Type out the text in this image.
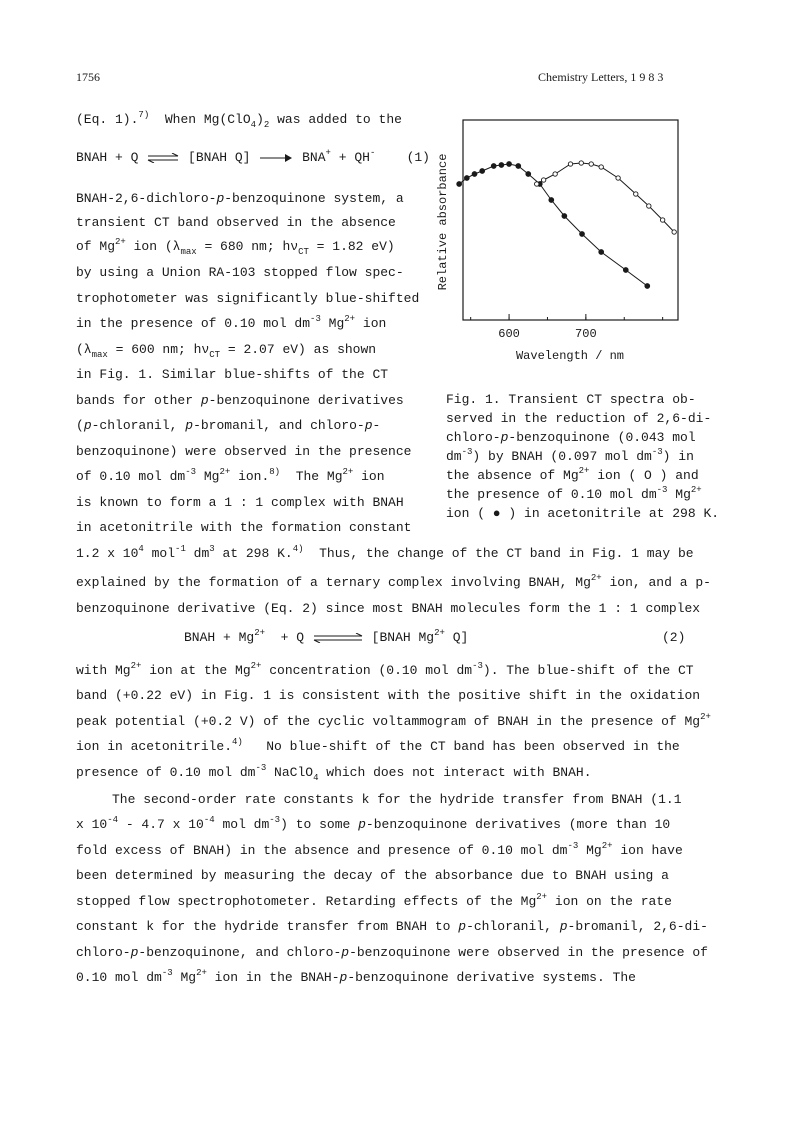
1756	Chemistry Letters, 1 9 8 3
(Eq. 1).$^{7)}$ When $Mg(ClO_4)_2$ was added to the
BNAH + Q ⇌ [BNAH Q] → BNA+ + QH- (1)
BNAH-2,6-dichloro-p-benzoquinone system, a
transient CT band observed in the absence
of $Mg^{2+}$ ion ($\lambda_{max} = 680$ nm; $h\nu_{CT} = 1.82$ eV)
by using a Union RA-103 stopped flow spec-
trophotometer was significantly blue-shifted
in the presence of 0.10 mol $dm^{-3}$ $Mg^{2+}$ ion
($\lambda_{max} = 600$ nm; $h\nu_{CT} = 2.07$ eV) as shown
in Fig. 1. Similar blue-shifts of the CT
bands for other p-benzoquinone derivatives
(p-chloranil, p-bromanil, and chloro-p-
benzoquinone) were observed in the presence
of 0.10 mol $dm^{-3}$ $Mg^{2+}$ ion.$^{8)}$ The $Mg^{2+}$ ion
is known to form a 1 : 1 complex with BNAH
in acetonitrile with the formation constant
Relative absorbance
Wavelength / nm
600	700
Fig. 1. Transient CT spectra ob-
served in the reduction of 2,6-di-
chloro-p-benzoquinone (0.043 mol
$dm^{-3}$) by BNAH (0.097 mol $dm^{-3}$) in
the absence of $Mg^{2+}$ ion ( O ) and
the presence of 0.10 mol $dm^{-3}$ $Mg^{2+}$
ion ( ● ) in acetonitrile at 298 K.
1.2 x $10^4$ mol$^{-1}$ $dm^3$ at 298 K.$^{4)}$ Thus, the change of the CT band in Fig. 1 may be
explained by the formation of a ternary complex involving BNAH, $Mg^{2+}$ ion, and a p-
benzoquinone derivative (Eq. 2) since most BNAH molecules form the 1 : 1 complex
BNAH + $Mg^{2+} + Q$ ⇌ [BNAH $Mg^{2+}$ Q]	(2)
with $Mg^{2+}$ ion at the $Mg^{2+}$ concentration (0.10 mol $dm^{-3}$). The blue-shift of the CT
band (+0.22 eV) in Fig. 1 is consistent with the positive shift in the oxidation
peak potential (+0.2 V) of the cyclic voltammogram of BNAH in the presence of $Mg^{2+}$
ion in acetonitrile.$^{4)}$ No blue-shift of the CT band has been observed in the
presence of 0.10 mol $dm^{-3}$ NaClO$_4$ which does not interact with BNAH.
The second-order rate constants k for the hydride transfer from BNAH (1.1
x $10^{-4} - 4.7$ x $10^{-4}$ mol $dm^{-3}$) to some p-benzoquinone derivatives (more than 10
fold excess of BNAH) in the absence and presence of 0.10 mol $dm^{-3}$ $Mg^{2+}$ ion have
been determined by measuring the decay of the absorbance due to BNAH using a
stopped flow spectrophotometer. Retarding effects of the $Mg^{2+}$ ion on the rate
constant k for the hydride transfer from BNAH to p-chloranil, p-bromanil, 2,6-di-
chloro-p-benzoquinone, and chloro-p-benzoquinone were observed in the presence of
0.10 mol $dm^{-3}$ $Mg^{2+}$ ion in the BNAH-p-benzoquinone derivative systems. The
